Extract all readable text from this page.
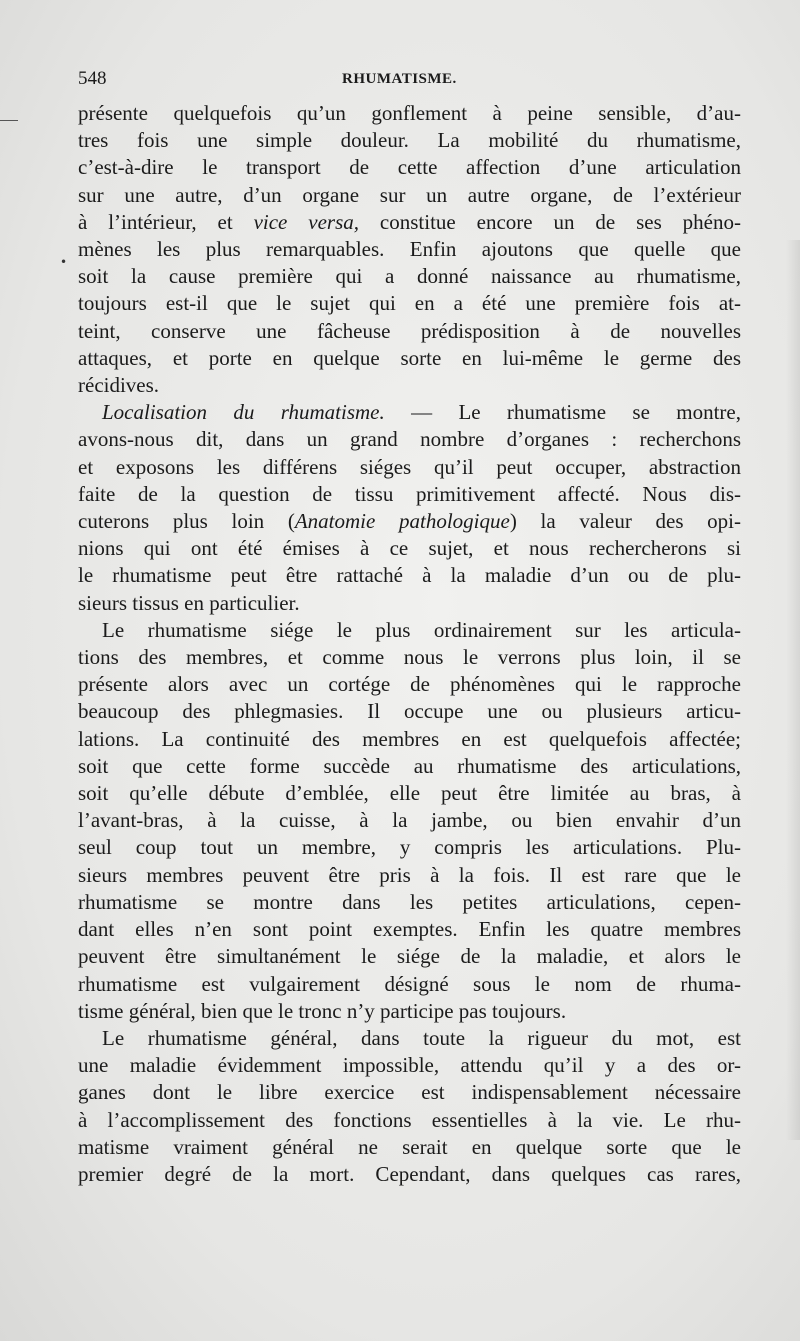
548	RHUMATISME.
•
présente quelquefois qu’un gonflement à peine sensible, d’au-
tres fois une simple douleur. La mobilité du rhumatisme,
c’est-à-dire le transport de cette affection d’une articulation
sur une autre, d’un organe sur un autre organe, de l’extérieur
à l’intérieur, et vice versa, constitue encore un de ses phéno-
mènes les plus remarquables. Enfin ajoutons que quelle que
soit la cause première qui a donné naissance au rhumatisme,
toujours est-il que le sujet qui en a été une première fois at-
teint, conserve une fâcheuse prédisposition à de nouvelles
attaques, et porte en quelque sorte en lui-même le germe des
récidives.
Localisation du rhumatisme. — Le rhumatisme se montre,
avons-nous dit, dans un grand nombre d’organes : recherchons
et exposons les différens siéges qu’il peut occuper, abstraction
faite de la question de tissu primitivement affecté. Nous dis-
cuterons plus loin (Anatomie pathologique) la valeur des opi-
nions qui ont été émises à ce sujet, et nous rechercherons si
le rhumatisme peut être rattaché à la maladie d’un ou de plu-
sieurs tissus en particulier.
Le rhumatisme siége le plus ordinairement sur les articula-
tions des membres, et comme nous le verrons plus loin, il se
présente alors avec un cortége de phénomènes qui le rapproche
beaucoup des phlegmasies. Il occupe une ou plusieurs articu-
lations. La continuité des membres en est quelquefois affectée;
soit que cette forme succède au rhumatisme des articulations,
soit qu’elle débute d’emblée, elle peut être limitée au bras, à
l’avant-bras, à la cuisse, à la jambe, ou bien envahir d’un
seul coup tout un membre, y compris les articulations. Plu-
sieurs membres peuvent être pris à la fois. Il est rare que le
rhumatisme se montre dans les petites articulations, cepen-
dant elles n’en sont point exemptes. Enfin les quatre membres
peuvent être simultanément le siége de la maladie, et alors le
rhumatisme est vulgairement désigné sous le nom de rhuma-
tisme général, bien que le tronc n’y participe pas toujours.
Le rhumatisme général, dans toute la rigueur du mot, est
une maladie évidemment impossible, attendu qu’il y a des or-
ganes dont le libre exercice est indispensablement nécessaire
à l’accomplissement des fonctions essentielles à la vie. Le rhu-
matisme vraiment général ne serait en quelque sorte que le
premier degré de la mort. Cependant, dans quelques cas rares,
